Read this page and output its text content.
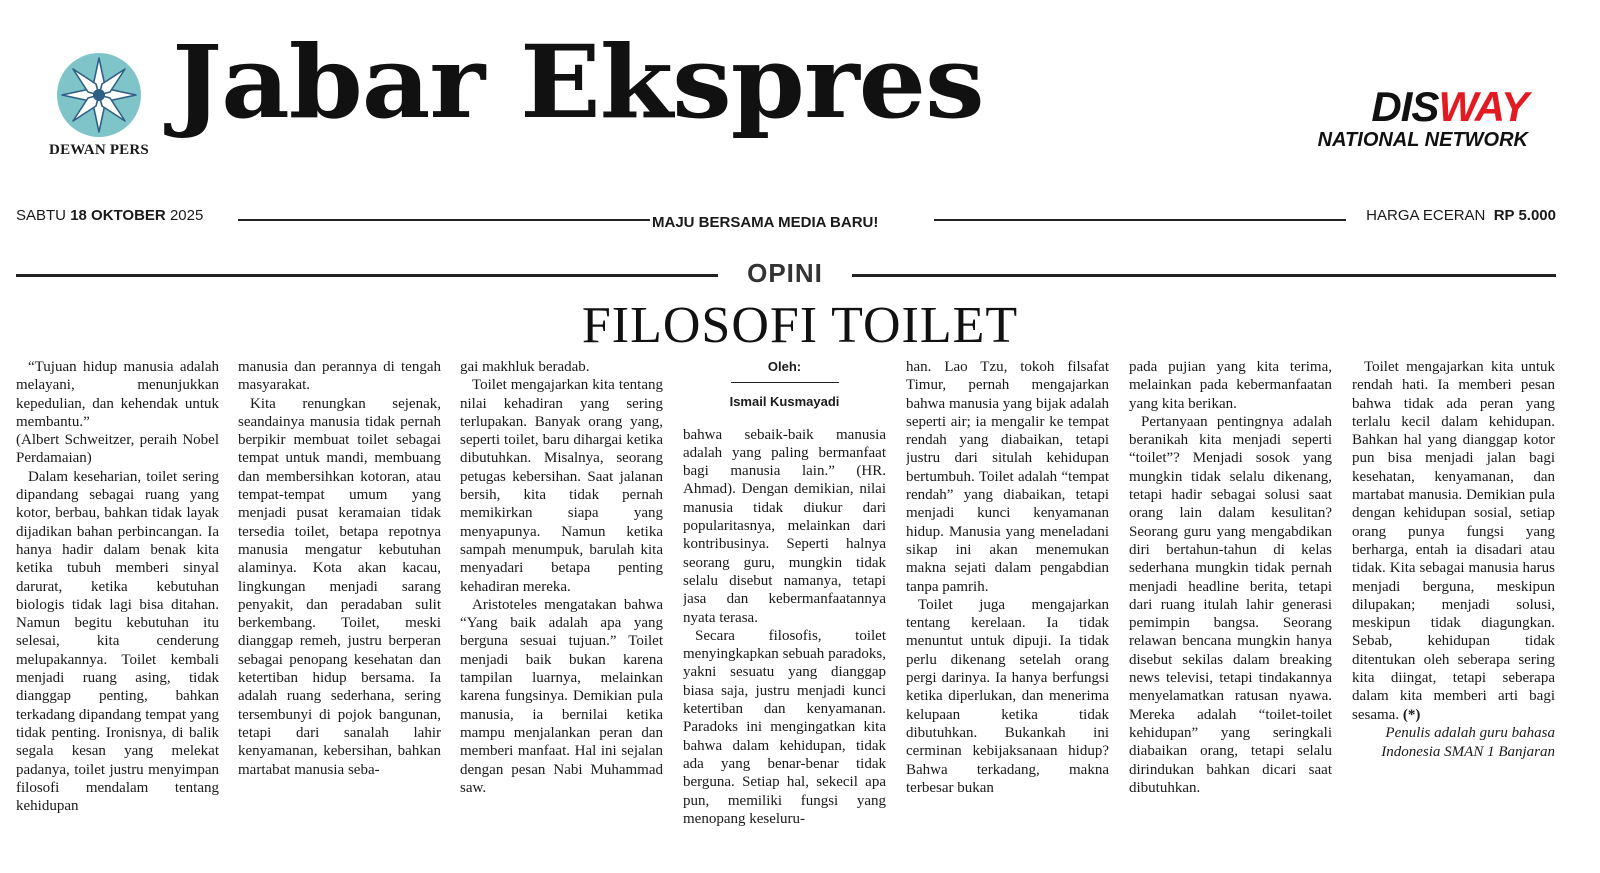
DEWAN PERS
Jabar Ekspres	DISWAY
NATIONAL NETWORK
SABTU 18 OKTOBER 2025	MAJU BERSAMA MEDIA BARU!	HARGA ECERAN RP 5.000
OPINI
FILOSOFI TOILET

“Tujuan hidup manusia adalah melayani, menunjukkan kepedulian, dan kehendak untuk membantu.”

(Albert Schweitzer, peraih Nobel Perdamaian)

Dalam keseharian, toilet sering dipandang sebagai ruang yang kotor, berbau, bahkan tidak layak dijadikan bahan perbincangan. Ia hanya hadir dalam benak kita ketika tubuh memberi sinyal darurat, ketika kebutuhan biologis tidak lagi bisa ditahan. Namun begitu kebutuhan itu selesai, kita cenderung melupakannya. Toilet kembali menjadi ruang asing, tidak dianggap penting, bahkan terkadang dipandang tempat yang tidak penting. Ironisnya, di balik segala kesan yang melekat padanya, toilet justru menyimpan filosofi mendalam tentang kehidupan

manusia dan perannya di tengah masyarakat.

Kita renungkan sejenak, seandainya manusia tidak pernah berpikir membuat toilet sebagai tempat untuk mandi, membuang dan membersihkan kotoran, atau tempat-tempat umum yang menjadi pusat keramaian tidak tersedia toilet, betapa repotnya manusia mengatur kebutuhan alaminya. Kota akan kacau, lingkungan menjadi sarang penyakit, dan peradaban sulit berkembang. Toilet, meski dianggap remeh, justru berperan sebagai penopang kesehatan dan ketertiban hidup bersama. Ia adalah ruang sederhana, sering tersembunyi di pojok bangunan, tetapi dari sanalah lahir kenyamanan, kebersihan, bahkan martabat manusia seba-

gai makhluk beradab.

Toilet mengajarkan kita tentang nilai kehadiran yang sering terlupakan. Banyak orang yang, seperti toilet, baru dihargai ketika dibutuhkan. Misalnya, seorang petugas kebersihan. Saat jalanan bersih, kita tidak pernah memikirkan siapa yang menyapunya. Namun ketika sampah menumpuk, barulah kita menyadari betapa penting kehadiran mereka.

Aristoteles mengatakan bahwa “Yang baik adalah apa yang berguna sesuai tujuan.” Toilet menjadi baik bukan karena tampilan luarnya, melainkan karena fungsinya. Demikian pula manusia, ia bernilai ketika mampu menjalankan peran dan memberi manfaat. Hal ini sejalan dengan pesan Nabi Muhammad saw.

Oleh:
Ismail Kusmayadi

bahwa sebaik-baik manusia adalah yang paling bermanfaat bagi manusia lain.” (HR. Ahmad). Dengan demikian, nilai manusia tidak diukur dari popularitasnya, melainkan dari kontribusinya. Seperti halnya seorang guru, mungkin tidak selalu disebut namanya, tetapi jasa dan kebermanfaatannya nyata terasa.

Secara filosofis, toilet menyingkapkan sebuah paradoks, yakni sesuatu yang dianggap biasa saja, justru menjadi kunci ketertiban dan kenyamanan. Paradoks ini mengingatkan kita bahwa dalam kehidupan, tidak ada yang benar-benar tidak berguna. Setiap hal, sekecil apa pun, memiliki fungsi yang menopang keseluru-

han. Lao Tzu, tokoh filsafat Timur, pernah mengajarkan bahwa manusia yang bijak adalah seperti air; ia mengalir ke tempat rendah yang diabaikan, tetapi justru dari situlah kehidupan bertumbuh. Toilet adalah “tempat rendah” yang diabaikan, tetapi menjadi kunci kenyamanan hidup. Manusia yang meneladani sikap ini akan menemukan makna sejati dalam pengabdian tanpa pamrih.

Toilet juga mengajarkan tentang kerelaan. Ia tidak menuntut untuk dipuji. Ia tidak perlu dikenang setelah orang pergi darinya. Ia hanya berfungsi ketika diperlukan, dan menerima kelupaan ketika tidak dibutuhkan. Bukankah ini cerminan kebijaksanaan hidup? Bahwa terkadang, makna terbesar bukan

pada pujian yang kita terima, melainkan pada kebermanfaatan yang kita berikan.

Pertanyaan pentingnya adalah beranikah kita menjadi seperti “toilet”? Menjadi sosok yang mungkin tidak selalu dikenang, tetapi hadir sebagai solusi saat orang lain dalam kesulitan? Seorang guru yang mengabdikan diri bertahun-tahun di kelas sederhana mungkin tidak pernah menjadi headline berita, tetapi dari ruang itulah lahir generasi pemimpin bangsa. Seorang relawan bencana mungkin hanya disebut sekilas dalam breaking news televisi, tetapi tindakannya menyelamatkan ratusan nyawa. Mereka adalah “toilet-toilet kehidupan” yang seringkali diabaikan orang, tetapi selalu dirindukan bahkan dicari saat dibutuhkan.

Toilet mengajarkan kita untuk rendah hati. Ia memberi pesan bahwa tidak ada peran yang terlalu kecil dalam kehidupan. Bahkan hal yang dianggap kotor pun bisa menjadi jalan bagi kesehatan, kenyamanan, dan martabat manusia. Demikian pula dengan kehidupan sosial, setiap orang punya fungsi yang berharga, entah ia disadari atau tidak. Kita sebagai manusia harus menjadi berguna, meskipun dilupakan; menjadi solusi, meskipun tidak diagungkan. Sebab, kehidupan tidak ditentukan oleh seberapa sering kita diingat, tetapi seberapa dalam kita memberi arti bagi sesama. (*)

Penulis adalah guru bahasa Indonesia SMAN 1 Banjaran
